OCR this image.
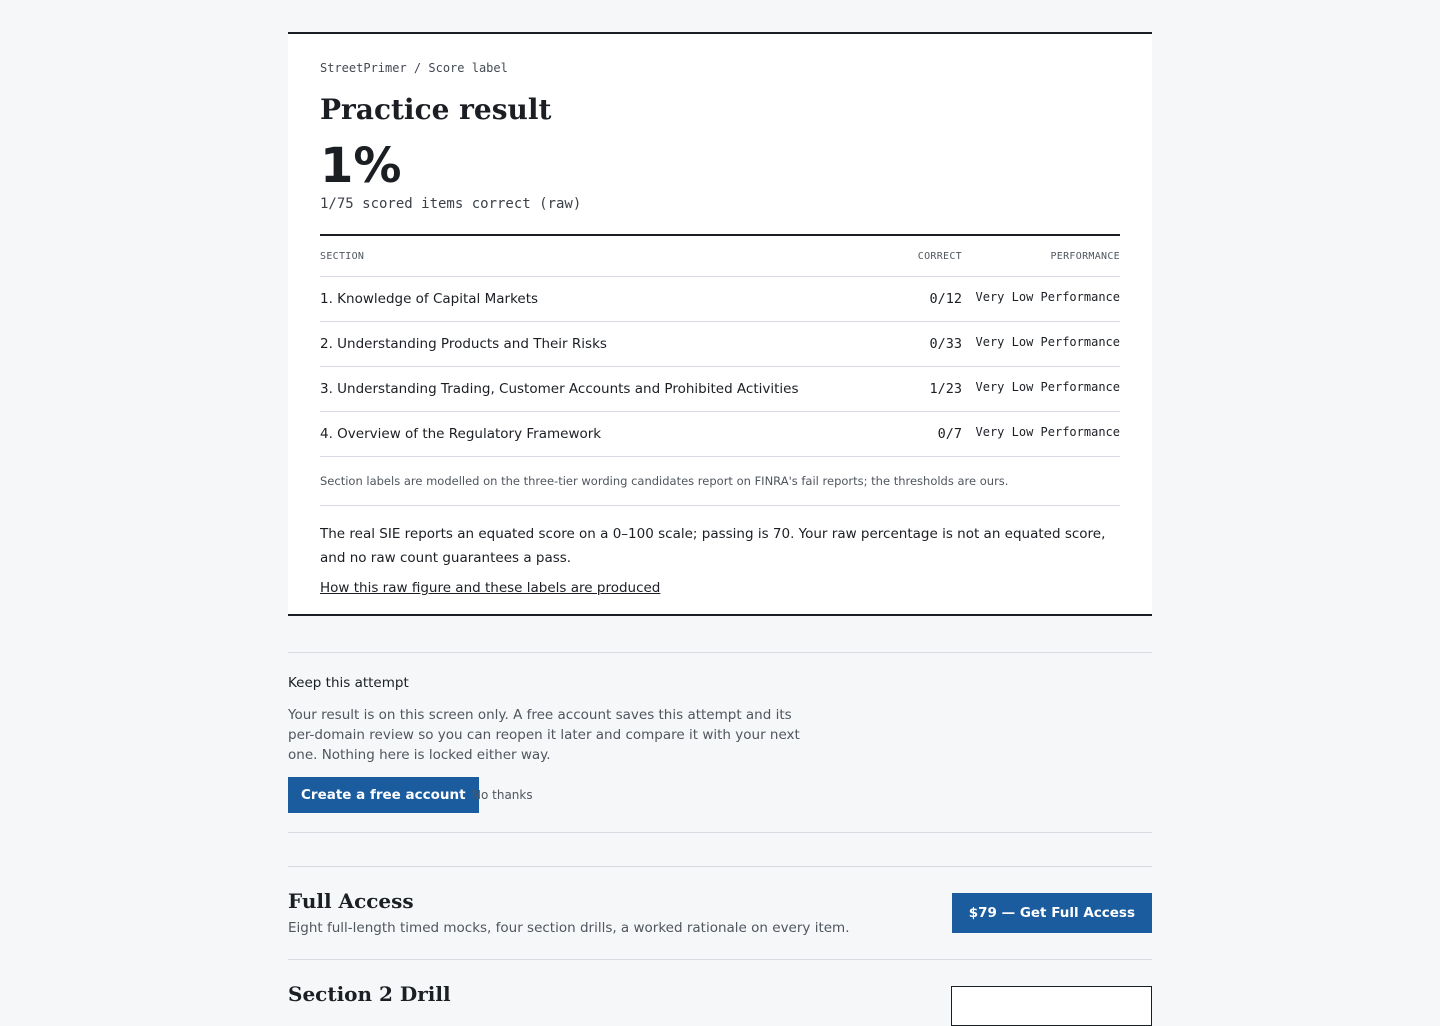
StreetPrimer / Score label
Practice result
1%
1/75 scored items correct (raw)
SECTION	CORRECT	PERFORMANCE
1. Knowledge of Capital Markets	0/12	Very Low Performance
2. Understanding Products and Their Risks	0/33	Very Low Performance
3. Understanding Trading, Customer Accounts and Prohibited Activities	1/23	Very Low Performance
4. Overview of the Regulatory Framework	0/7	Very Low Performance
Section labels are modelled on the three-tier wording candidates report on FINRA's fail reports; the thresholds are ours.
The real SIE reports an equated score on a 0–100 scale; passing is 70. Your raw percentage is not an equated score, and no raw count guarantees a pass.
How this raw figure and these labels are produced
Keep this attempt

Your result is on this screen only. A free account saves this attempt and its per-domain review so you can reopen it later and compare it with your next one. Nothing here is locked either way.

Create a free account No thanks
Full Access

Eight full-length timed mocks, four section drills, a worked rationale on every item.

$79 — Get Full Access
Section 2 Drill
